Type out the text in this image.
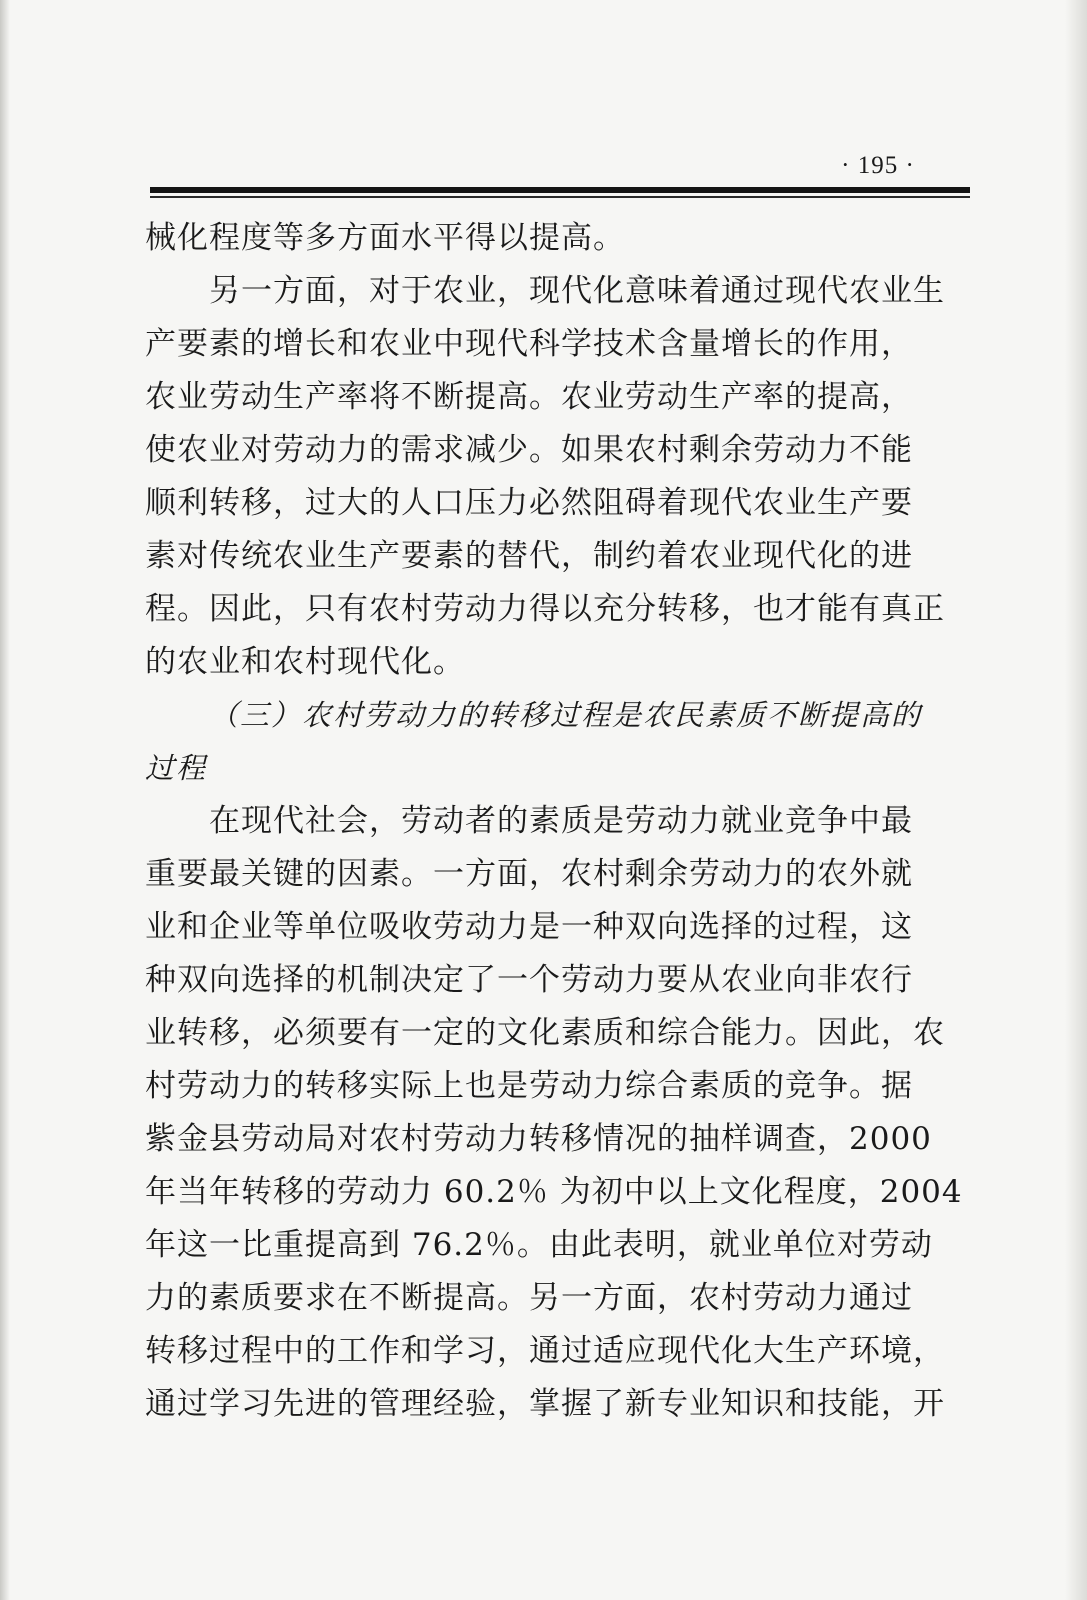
· 195 ·
械化程度等多方面水平得以提高。
另一方面，对于农业，现代化意味着通过现代农业生
产要素的增长和农业中现代科学技术含量增长的作用，
农业劳动生产率将不断提高。农业劳动生产率的提高，
使农业对劳动力的需求减少。如果农村剩余劳动力不能
顺利转移，过大的人口压力必然阻碍着现代农业生产要
素对传统农业生产要素的替代，制约着农业现代化的进
程。因此，只有农村劳动力得以充分转移，也才能有真正
的农业和农村现代化。
（三）农村劳动力的转移过程是农民素质不断提高的
过程
在现代社会，劳动者的素质是劳动力就业竞争中最
重要最关键的因素。一方面，农村剩余劳动力的农外就
业和企业等单位吸收劳动力是一种双向选择的过程，这
种双向选择的机制决定了一个劳动力要从农业向非农行
业转移，必须要有一定的文化素质和综合能力。因此，农
村劳动力的转移实际上也是劳动力综合素质的竞争。据
紫金县劳动局对农村劳动力转移情况的抽样调查，2000
年当年转移的劳动力 60.2％ 为初中以上文化程度，2004
年这一比重提高到 76.2％。由此表明，就业单位对劳动
力的素质要求在不断提高。另一方面，农村劳动力通过
转移过程中的工作和学习，通过适应现代化大生产环境，
通过学习先进的管理经验，掌握了新专业知识和技能，开
